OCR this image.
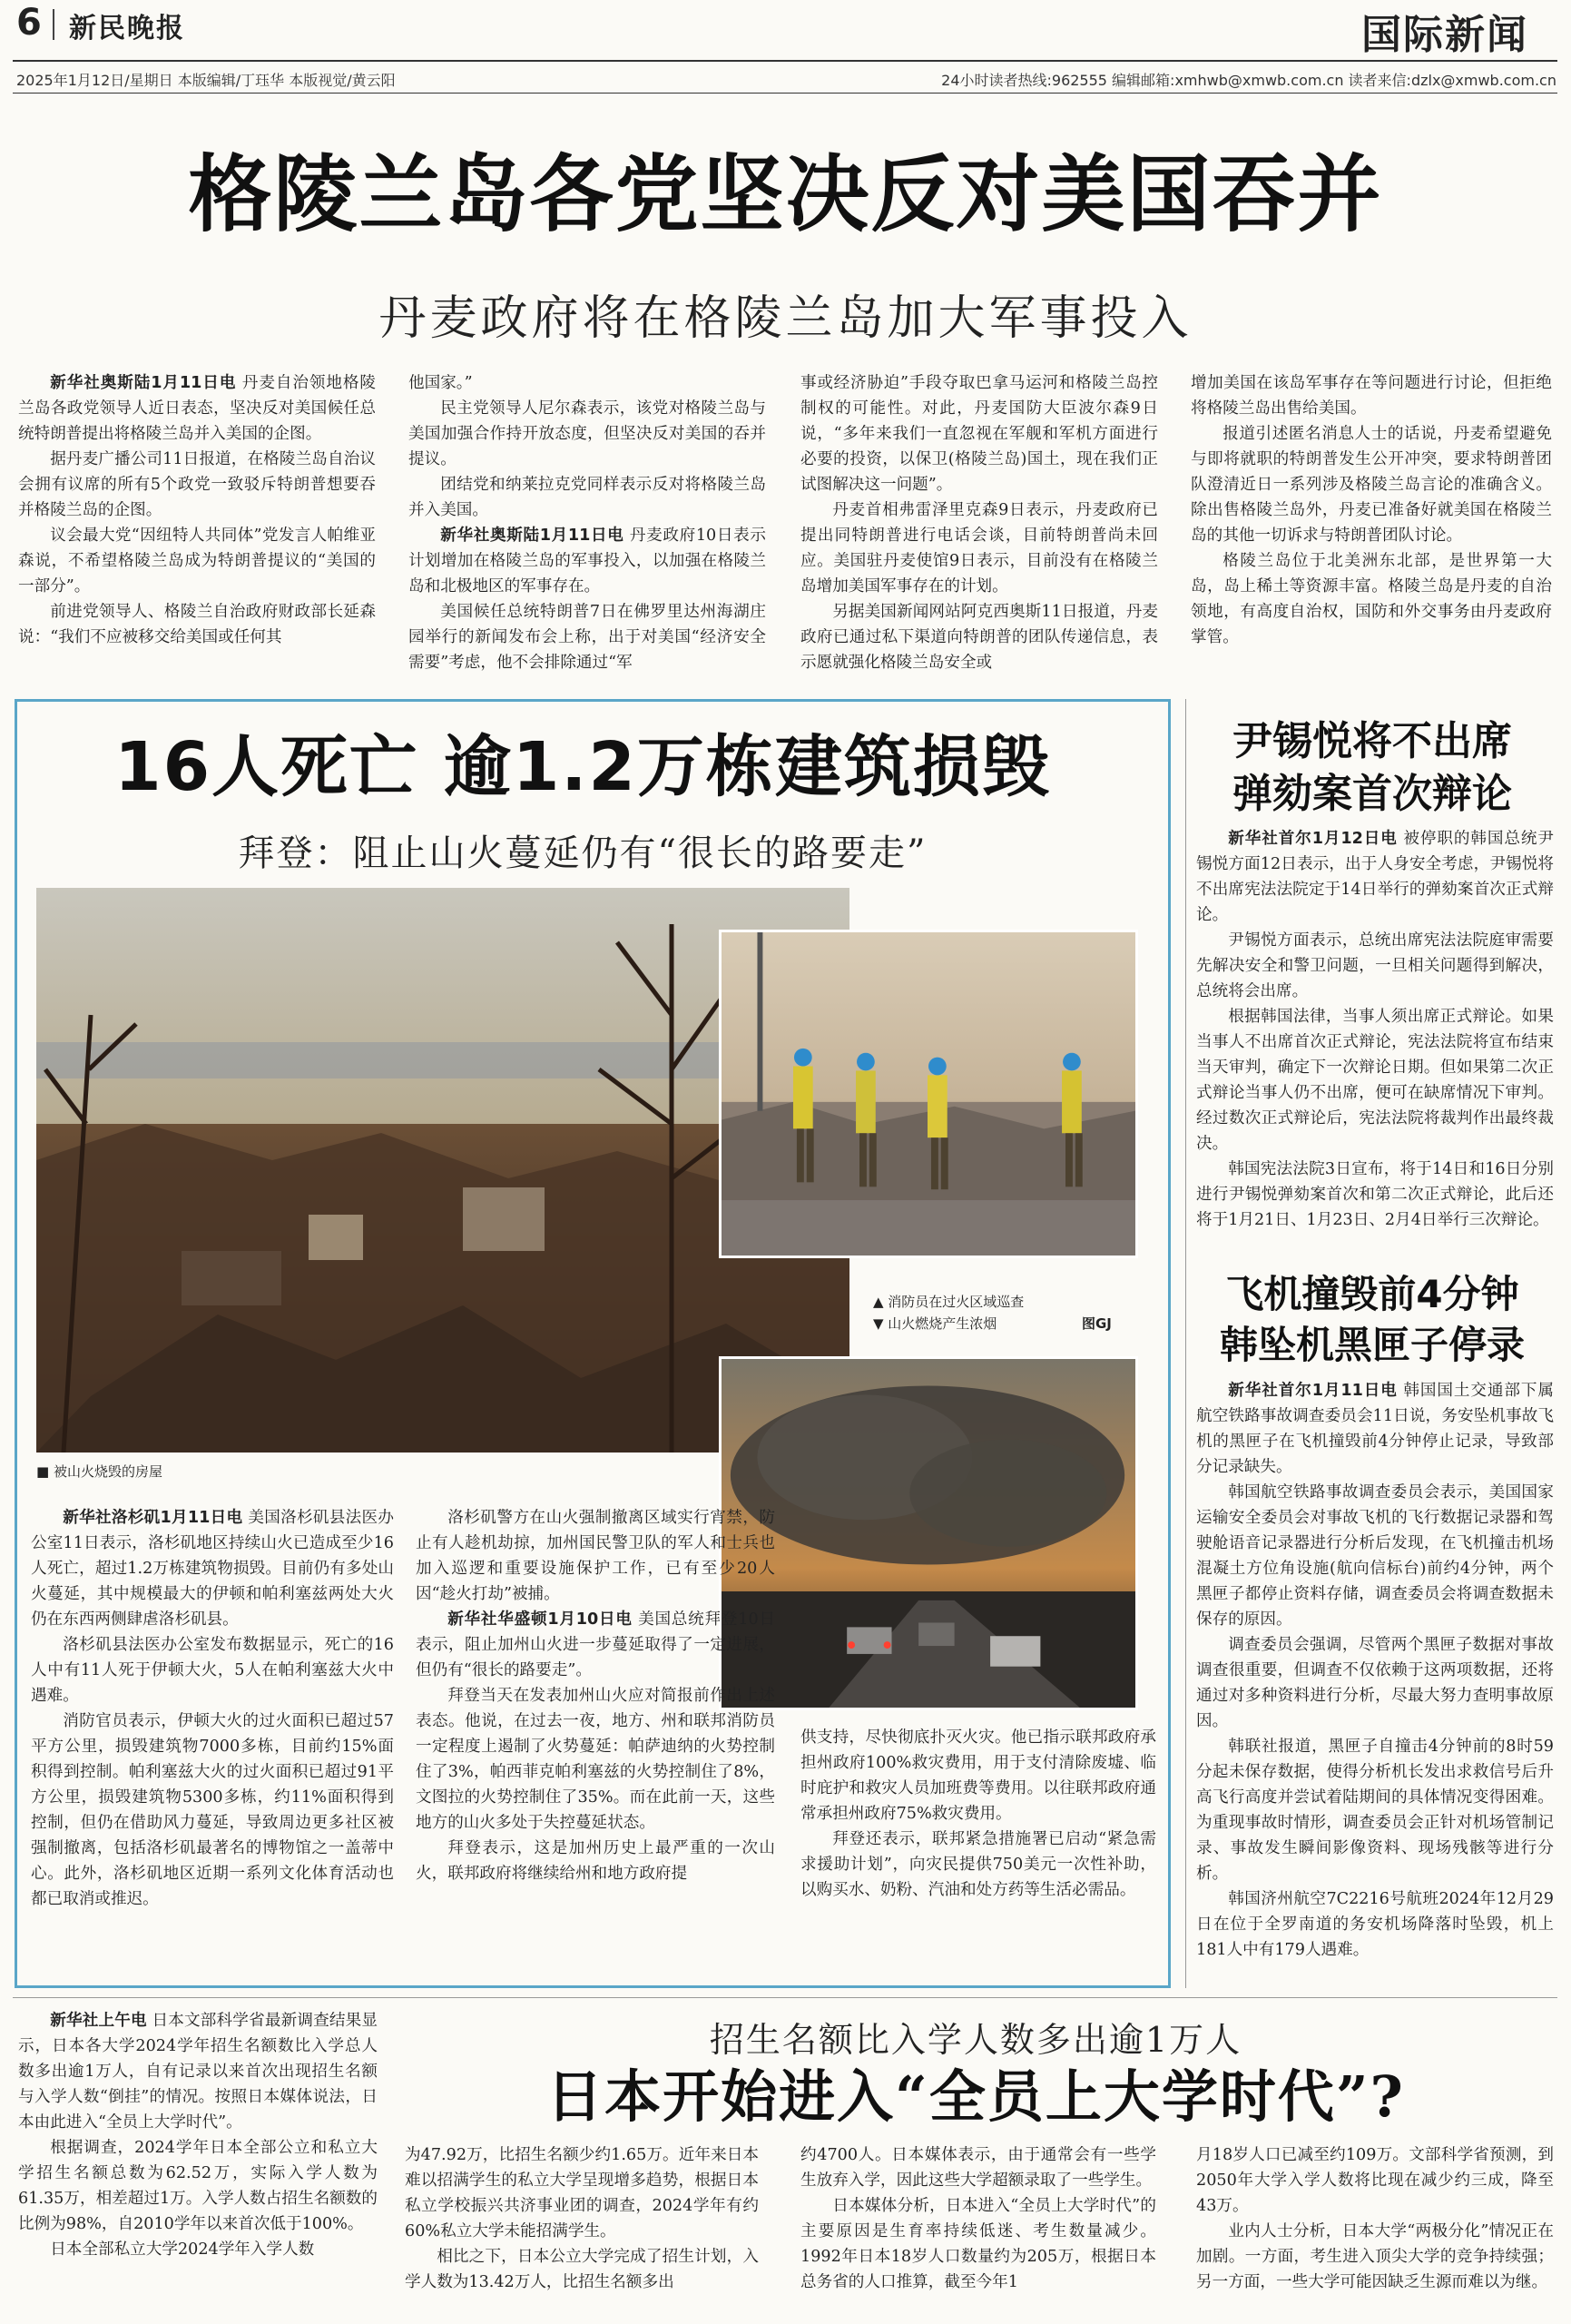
6 新民晚报	国际新闻
2025年1月12日/星期日 本版编辑/丁珏华 本版视觉/黄云阳	24小时读者热线:962555 编辑邮箱:xmhwb@xmwb.com.cn 读者来信:dzlx@xmwb.com.cn
格陵兰岛各党坚决反对美国吞并
丹麦政府将在格陵兰岛加大军事投入

新华社奥斯陆1月11日电 丹麦自治领地格陵兰岛各政党领导人近日表态，坚决反对美国候任总统特朗普提出将格陵兰岛并入美国的企图。

据丹麦广播公司11日报道，在格陵兰岛自治议会拥有议席的所有5个政党一致驳斥特朗普想要吞并格陵兰岛的企图。

议会最大党“因纽特人共同体”党发言人帕维亚森说，不希望格陵兰岛成为特朗普提议的“美国的一部分”。

前进党领导人、格陵兰自治政府财政部长延森说：“我们不应被移交给美国或任何其

他国家。”

民主党领导人尼尔森表示，该党对格陵兰岛与美国加强合作持开放态度，但坚决反对美国的吞并提议。

团结党和纳莱拉克党同样表示反对将格陵兰岛并入美国。

新华社奥斯陆1月11日电 丹麦政府10日表示计划增加在格陵兰岛的军事投入，以加强在格陵兰岛和北极地区的军事存在。

美国候任总统特朗普7日在佛罗里达州海湖庄园举行的新闻发布会上称，出于对美国“经济安全需要”考虑，他不会排除通过“军

事或经济胁迫”手段夺取巴拿马运河和格陵兰岛控制权的可能性。对此，丹麦国防大臣波尔森9日说，“多年来我们一直忽视在军舰和军机方面进行必要的投资，以保卫(格陵兰岛)国土，现在我们正试图解决这一问题”。

丹麦首相弗雷泽里克森9日表示，丹麦政府已提出同特朗普进行电话会谈，目前特朗普尚未回应。美国驻丹麦使馆9日表示，目前没有在格陵兰岛增加美国军事存在的计划。

另据美国新闻网站阿克西奥斯11日报道，丹麦政府已通过私下渠道向特朗普的团队传递信息，表示愿就强化格陵兰岛安全或

增加美国在该岛军事存在等问题进行讨论，但拒绝将格陵兰岛出售给美国。

报道引述匿名消息人士的话说，丹麦希望避免与即将就职的特朗普发生公开冲突，要求特朗普团队澄清近日一系列涉及格陵兰岛言论的准确含义。除出售格陵兰岛外，丹麦已准备好就美国在格陵兰岛的其他一切诉求与特朗普团队讨论。

格陵兰岛位于北美洲东北部，是世界第一大岛，岛上稀土等资源丰富。格陵兰岛是丹麦的自治领地，有高度自治权，国防和外交事务由丹麦政府掌管。

16人死亡 逾1.2万栋建筑损毁
拜登：阻止山火蔓延仍有“很长的路要走”
▲ 消防员在过火区域巡查
▼ 山火燃烧产生浓烟	图GJ
■ 被山火烧毁的房屋

新华社洛杉矶1月11日电 美国洛杉矶县法医办公室11日表示，洛杉矶地区持续山火已造成至少16人死亡，超过1.2万栋建筑物损毁。目前仍有多处山火蔓延，其中规模最大的伊顿和帕利塞兹两处大火仍在东西两侧肆虐洛杉矶县。

洛杉矶县法医办公室发布数据显示，死亡的16人中有11人死于伊顿大火，5人在帕利塞兹大火中遇难。

消防官员表示，伊顿大火的过火面积已超过57平方公里，损毁建筑物7000多栋，目前约15%面积得到控制。帕利塞兹大火的过火面积已超过91平方公里，损毁建筑物5300多栋，约11%面积得到控制，但仍在借助风力蔓延，导致周边更多社区被强制撤离，包括洛杉矶最著名的博物馆之一盖蒂中心。此外，洛杉矶地区近期一系列文化体育活动也都已取消或推迟。

洛杉矶警方在山火强制撤离区域实行宵禁，防止有人趁机劫掠，加州国民警卫队的军人和士兵也加入巡逻和重要设施保护工作，已有至少20人因“趁火打劫”被捕。

新华社华盛顿1月10日电 美国总统拜登10日表示，阻止加州山火进一步蔓延取得了一定进展，但仍有“很长的路要走”。

拜登当天在发表加州山火应对简报前作出上述表态。他说，在过去一夜，地方、州和联邦消防员一定程度上遏制了火势蔓延：帕萨迪纳的火势控制住了3%，帕西菲克帕利塞兹的火势控制住了8%，文图拉的火势控制住了35%。而在此前一天，这些地方的山火多处于失控蔓延状态。

拜登表示，这是加州历史上最严重的一次山火，联邦政府将继续给州和地方政府提

供支持，尽快彻底扑灭火灾。他已指示联邦政府承担州政府100%救灾费用，用于支付清除废墟、临时庇护和救灾人员加班费等费用。以往联邦政府通常承担州政府75%救灾费用。

拜登还表示，联邦紧急措施署已启动“紧急需求援助计划”，向灾民提供750美元一次性补助，以购买水、奶粉、汽油和处方药等生活必需品。

尹锡悦将不出席
弹劾案首次辩论

新华社首尔1月12日电 被停职的韩国总统尹锡悦方面12日表示，出于人身安全考虑，尹锡悦将不出席宪法法院定于14日举行的弹劾案首次正式辩论。

尹锡悦方面表示，总统出席宪法法院庭审需要先解决安全和警卫问题，一旦相关问题得到解决，总统将会出席。

根据韩国法律，当事人须出席正式辩论。如果当事人不出席首次正式辩论，宪法法院将宣布结束当天审判，确定下一次辩论日期。但如果第二次正式辩论当事人仍不出席，便可在缺席情况下审判。经过数次正式辩论后，宪法法院将裁判作出最终裁决。

韩国宪法法院3日宣布，将于14日和16日分别进行尹锡悦弹劾案首次和第二次正式辩论，此后还将于1月21日、1月23日、2月4日举行三次辩论。

飞机撞毁前4分钟
韩坠机黑匣子停录

新华社首尔1月11日电 韩国国土交通部下属航空铁路事故调查委员会11日说，务安坠机事故飞机的黑匣子在飞机撞毁前4分钟停止记录，导致部分记录缺失。

韩国航空铁路事故调查委员会表示，美国国家运输安全委员会对事故飞机的飞行数据记录器和驾驶舱语音记录器进行分析后发现，在飞机撞击机场混凝土方位角设施(航向信标台)前约4分钟，两个黑匣子都停止资料存储，调查委员会将调查数据未保存的原因。

调查委员会强调，尽管两个黑匣子数据对事故调查很重要，但调查不仅依赖于这两项数据，还将通过对多种资料进行分析，尽最大努力查明事故原因。

韩联社报道，黑匣子自撞击4分钟前的8时59分起未保存数据，使得分析机长发出求救信号后升高飞行高度并尝试着陆期间的具体情况变得困难。为重现事故时情形，调查委员会正针对机场管制记录、事故发生瞬间影像资料、现场残骸等进行分析。

韩国济州航空7C2216号航班2024年12月29日在位于全罗南道的务安机场降落时坠毁，机上181人中有179人遇难。

新华社上午电 日本文部科学省最新调查结果显示，日本各大学2024学年招生名额数比入学总人数多出逾1万人，自有记录以来首次出现招生名额与入学人数“倒挂”的情况。按照日本媒体说法，日本由此进入“全员上大学时代”。

根据调查，2024学年日本全部公立和私立大学招生名额总数为62.52万，实际入学人数为61.35万，相差超过1万。入学人数占招生名额数的比例为98%，自2010学年以来首次低于100%。

日本全部私立大学2024学年入学人数

招生名额比入学人数多出逾1万人
日本开始进入“全员上大学时代”?

为47.92万，比招生名额少约1.65万。近年来日本难以招满学生的私立大学呈现增多趋势，根据日本私立学校振兴共济事业团的调查，2024学年有约60%私立大学未能招满学生。

相比之下，日本公立大学完成了招生计划，入学人数为13.42万人，比招生名额多出

约4700人。日本媒体表示，由于通常会有一些学生放弃入学，因此这些大学超额录取了一些学生。

日本媒体分析，日本进入“全员上大学时代”的主要原因是生育率持续低迷、考生数量减少。1992年日本18岁人口数量约为205万，根据日本总务省的人口推算，截至今年1

月18岁人口已减至约109万。文部科学省预测，到2050年大学入学人数将比现在减少约三成，降至43万。

业内人士分析，日本大学“两极分化”情况正在加剧。一方面，考生进入顶尖大学的竞争持续强；另一方面，一些大学可能因缺乏生源而难以为继。
